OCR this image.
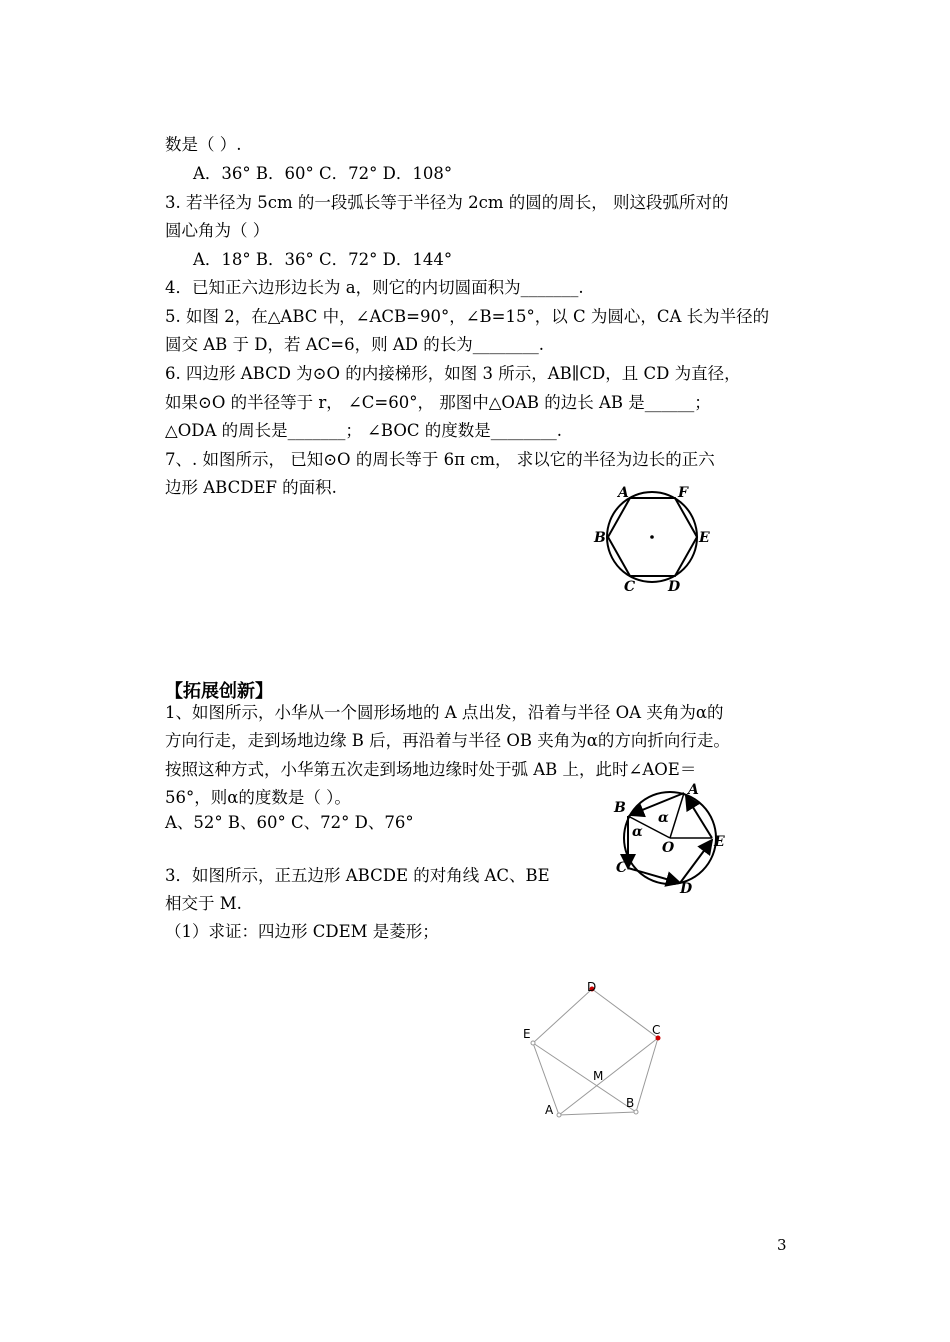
数是（ ）.
A．36° B．60° C．72° D．108°
3. 若半径为 5cm 的一段弧长等于半径为 2cm 的圆的周长， 则这段弧所对的
圆心角为（ ）
A．18° B．36° C．72° D．144°
4．已知正六边形边长为 a，则它的内切圆面积为_______.
5. 如图 2，在△ABC 中，∠ACB=90°，∠B=15°，以 C 为圆心，CA 长为半径的
圆交 AB 于 D，若 AC=6，则 AD 的长为________.
6. 四边形 ABCD 为⊙O 的内接梯形，如图 3 所示，AB∥CD，且 CD 为直径，
如果⊙O 的半径等于 r， ∠C=60°， 那图中△OAB 的边长 AB 是______；
△ODA 的周长是_______； ∠BOC 的度数是________.
7、. 如图所示， 已知⊙O 的周长等于 6π cm， 求以它的半径为边长的正六
边形 ABCDEF 的面积.	A	F
B	E
C D
【拓展创新】
1、如图所示，小华从一个圆形场地的 A 点出发，沿着与半径 OA 夹角为α的
方向行走，走到场地边缘 B 后，再沿着与半径 OB 夹角为α的方向折向行走。
按照这种方式，小华第五次走到场地边缘时处于弧 AB 上，此时∠AOE＝
56°，则α的度数是（ ）。
A、52° B、60° C、72° D、76°
3．如图所示，正五边形 ABCDE 的对角线 AC、BE
相交于 M.
（1）求证：四边形 CDEM 是菱形；
B
A
α
α
O	E
C
D
D
E	C
M
A	B
3
